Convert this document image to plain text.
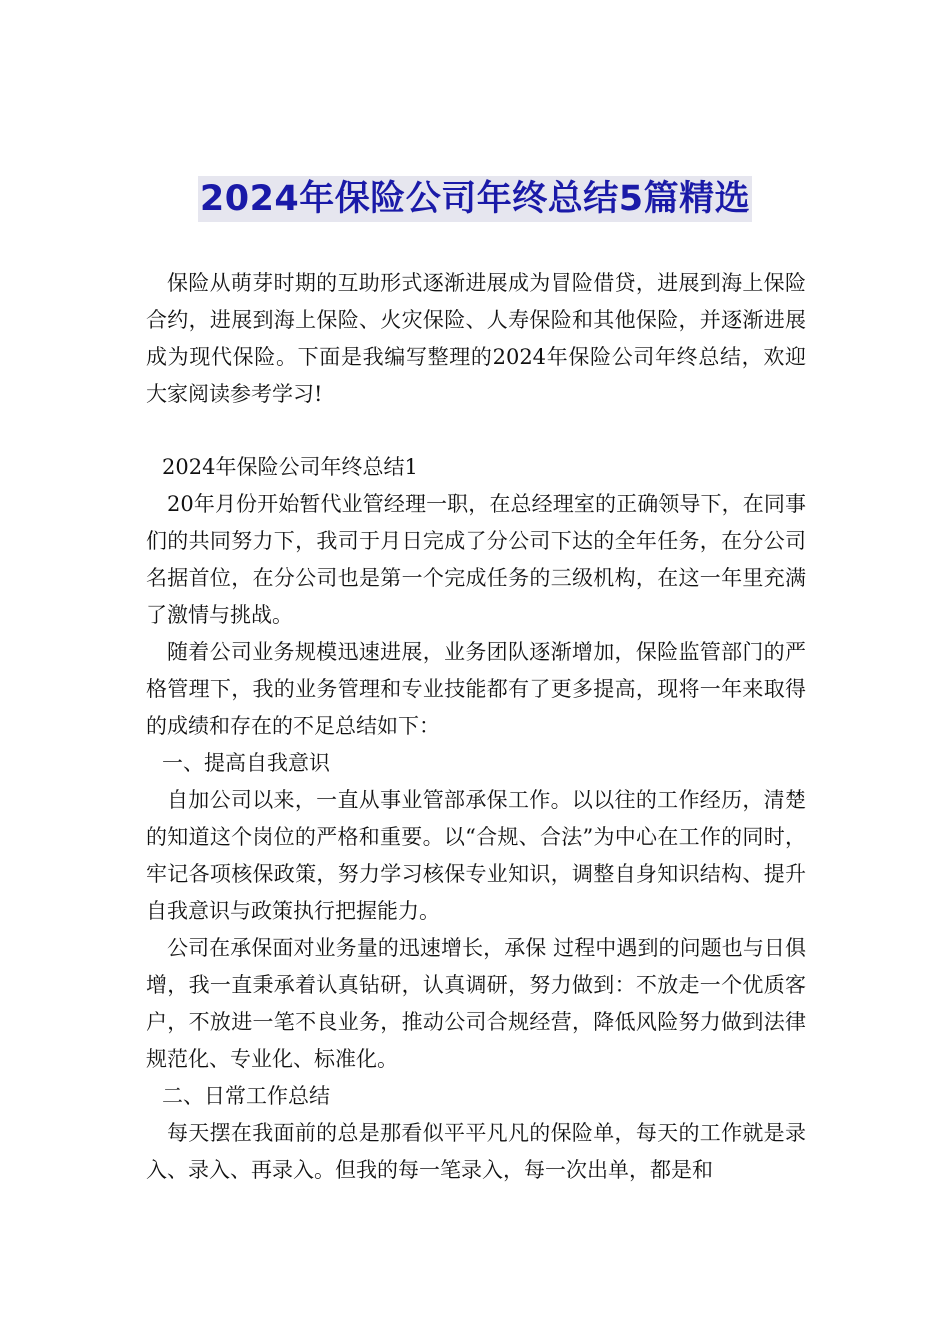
2024年保险公司年终总结5篇精选

保险从萌芽时期的互助形式逐渐进展成为冒险借贷，进展到海上保险合约，进展到海上保险、火灾保险、人寿保险和其他保险，并逐渐进展成为现代保险。下面是我编写整理的2024年保险公司年终总结，欢迎大家阅读参考学习!

2024年保险公司年终总结1

20年月份开始暂代业管经理一职，在总经理室的正确领导下，在同事们的共同努力下，我司于月日完成了分公司下达的全年任务，在分公司名据首位，在分公司也是第一个完成任务的三级机构，在这一年里充满了激情与挑战。

随着公司业务规模迅速进展，业务团队逐渐增加，保险监管部门的严格管理下，我的业务管理和专业技能都有了更多提高，现将一年来取得的成绩和存在的不足总结如下：

一、提高自我意识

自加公司以来，一直从事业管部承保工作。以以往的工作经历，清楚的知道这个岗位的严格和重要。以“合规、合法”为中心在工作的同时，牢记各项核保政策，努力学习核保专业知识，调整自身知识结构、提升自我意识与政策执行把握能力。

公司在承保面对业务量的迅速增长，承保 过程中遇到的问题也与日俱增，我一直秉承着认真钻研，认真调研，努力做到：不放走一个优质客户，不放进一笔不良业务，推动公司合规经营，降低风险努力做到法律规范化、专业化、标准化。

二、日常工作总结

每天摆在我面前的总是那看似平平凡凡的保险单，每天的工作就是录入、录入、再录入。但我的每一笔录入，每一次出单，都是和
